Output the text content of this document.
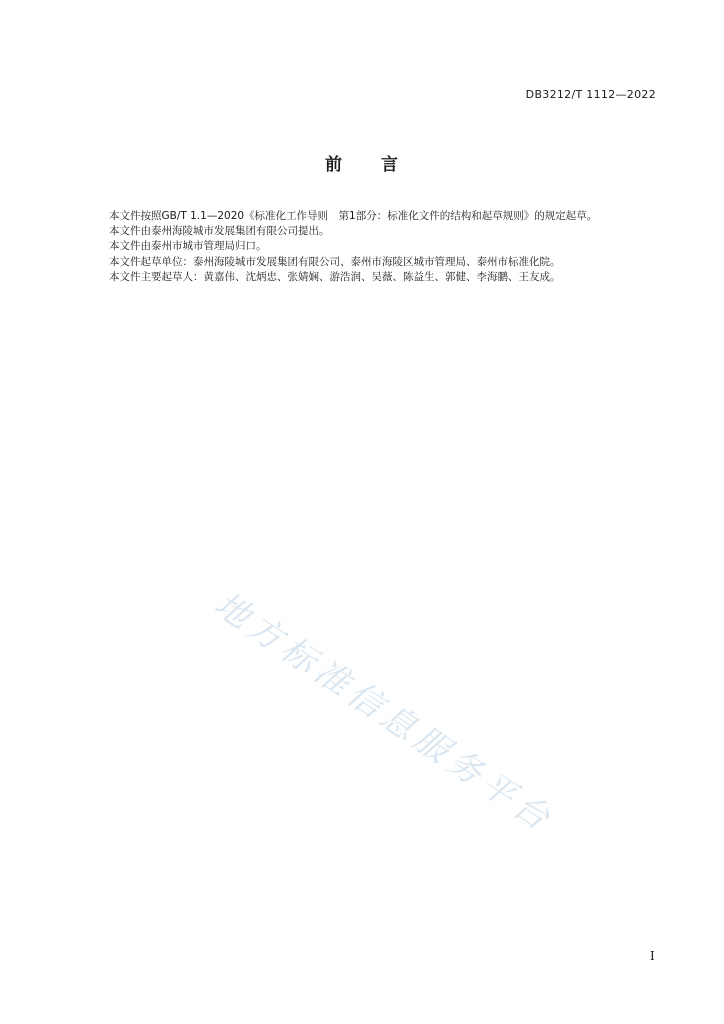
DB3212/T 1112—2022
前 言

本文件按照GB/T 1.1—2020《标准化工作导则　第1部分：标准化文件的结构和起草规则》的规定起草。

本文件由泰州海陵城市发展集团有限公司提出。

本文件由泰州市城市管理局归口。

本文件起草单位：泰州海陵城市发展集团有限公司、泰州市海陵区城市管理局、泰州市标准化院。

本文件主要起草人：黄嘉伟、沈炳忠、张婧娴、游浩润、吴薇、陈益生、郭健、李海鹏、王友成。

地方标准信息服务平台
I
